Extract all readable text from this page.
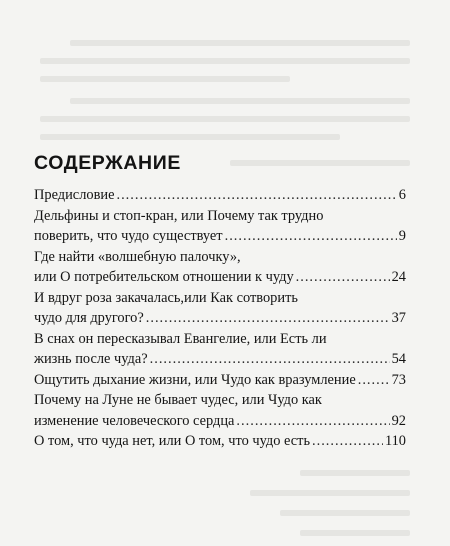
СОДЕРЖАНИЕ
Предисловие .....	6
Дельфины и стоп-кран, или Почему так трудно
поверить, что чудо существует .....	9
Где найти «волшебную палочку»,
или О потребительском отношении к чуду .....	24
И вдруг роза закачалась,или Как сотворить
чудо для другого? .....	37
В снах он пересказывал Евангелие, или Есть ли
жизнь после чуда? .....	54
Ощутить дыхание жизни, или Чудо как вразумление ..... 73
Почему на Луне не бывает чудес, или Чудо как
изменение человеческого сердца .....	92
О том, что чуда нет, или О том, что чудо есть .....	110
